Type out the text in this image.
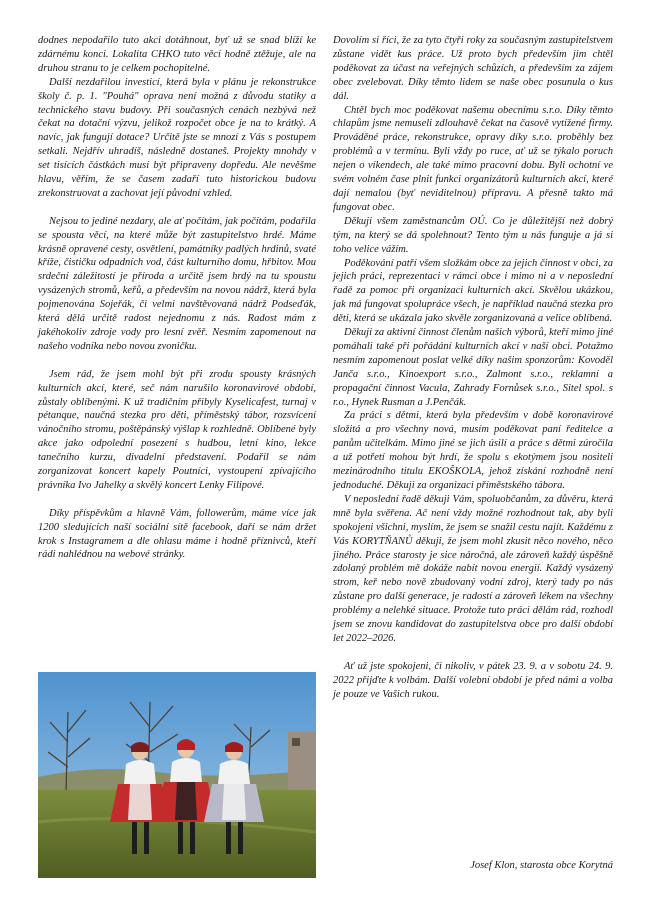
dodnes nepodařilo tuto akci dotáhnout, byť už se snad blíží ke zdárnému konci. Lokalita CHKO tuto věcí hodně ztěžuje, ale na druhou stranu to je celkem pochopitelné.

Další nezdařilou investicí, která byla v plánu je rekonstrukce školy č. p. 1. "Pouhá" oprava není možná z důvodu statiky a technického stavu budovy. Při současných cenách nezbývá než čekat na dotační výzvu, jelikož rozpočet obce je na to krátký. A navíc, jak fungují dotace? Určitě jste se mnozí z Vás s postupem setkali. Nejdřív uhradíš, následně dostaneš. Projekty mnohdy v set tisících částkách musí být připraveny dopředu. Ale nevěšme hlavu, věřím, že se časem zadaří tuto historickou budovu zrekonstruovat a zachovat její původní vzhled.

Nejsou to jediné nezdary, ale ať počítám, jak počítám, podařila se spousta věcí, na které může být zastupitelstvo hrdé. Máme krásně opravené cesty, osvětlení, památníky padlých hrdinů, svaté kříže, čističku odpadních vod, část kulturního domu, hřbitov. Mou srdeční záležitostí je příroda a určitě jsem hrdý na tu spoustu vysázených stromů, keřů, a především na novou nádrž, která byla pojmenována Sojeřák, či velmi navštěvovaná nádrž Podseďák, která dělá určitě radost nejednomu z nás. Radost mám z jakéhokoliv zdroje vody pro lesní zvěř. Nesmím zapomenout na našeho vodníka nebo novou zvoničku.

Jsem rád, že jsem mohl být při zrodu spousty krásných kulturních akcí, které, seč nám narušilo koronavirové období, zůstaly oblíbenými. K už tradičním přibyly Kyselicafest, turnaj v pétanque, naučná stezka pro děti, příměstský tábor, rozsvícení vánočního stromu, poštěpánský výšlap k rozhledně. Oblíbené byly akce jako odpolední posezení s hudbou, letní kino, lekce tanečního kurzu, divadelní představení. Podařil se nám zorganizovat koncert kapely Poutníci, vystoupení zpívajícího právníka Ivo Jahelky a skvělý koncert Lenky Filipové.

Díky příspěvkům a hlavně Vám, followerům, máme více jak 1200 sledujících naší sociální sítě facebook, daří se nám držet krok s Instagramem a dle ohlasu máme i hodně příznivců, kteří rádi nahlédnou na webové stránky.

Dovolím si říci, že za tyto čtyři roky za současným zastupitelstvem zůstane vidět kus práce. Už proto bych především jim chtěl poděkovat za účast na veřejných schůzích, a především za zájem obec zvelebovat. Díky těmto lidem se naše obec posunula o kus dál.

Chtěl bych moc poděkovat našemu obecnímu s.r.o. Díky těmto chlapům jsme nemuseli zdlouhavě čekat na časově vytížené firmy. Prováděné práce, rekonstrukce, opravy díky s.r.o. proběhly bez problémů a v termínu. Byli vždy po ruce, ať už se týkalo poruch nejen o víkendech, ale také mimo pracovní dobu. Byli ochotní ve svém volném čase plnit funkci organizátorů kulturních akcí, které dají nemalou (byť neviditelnou) přípravu. A přesně takto má fungovat obec.

Děkuji všem zaměstnancům OÚ. Co je důležitější než dobrý tým, na který se dá spolehnout? Tento tým u nás funguje a já si toho velice vážím.

Poděkování patří všem složkám obce za jejich činnost v obci, za jejich práci, reprezentaci v rámci obce i mimo ni a v neposlední řadě za pomoc při organizaci kulturních akcí. Skvělou ukázkou, jak má fungovat spolupráce všech, je například naučná stezka pro děti, která se ukázala jako skvěle zorganizovaná a velice oblíbená.

Děkuji za aktivní činnost členům našich výborů, kteří mimo jiné pomáhali také při pořádání kulturních akcí v naší obci. Potažmo nesmím zapomenout poslat velké díky našim sponzorům: Kovoděl Janča s.r.o., Kinoexport s.r.o., Zalmont s.r.o., reklamní a propagační činnost Vacula, Zahrady Fornůsek s.r.o., Sitel spol. s r.o., Hynek Rusman a J.Penčák.

Za práci s dětmi, která byla především v době koronavirové složitá a pro všechny nová, musím poděkovat paní ředitelce a panům učitelkám. Mimo jiné se jich úsilí a práce s dětmi zúročila a už potřetí mohou být hrdí, že spolu s ekotýmem jsou nositeli mezinárodního titulu EKOŠKOLA, jehož získání rozhodně není jednoduché. Děkuji za organizaci příměstského tábora.

V neposlední řadě děkuji Vám, spoluobčanům, za důvěru, která mně byla svěřena. Ač není vždy možné rozhodnout tak, aby byli spokojeni všichni, myslím, že jsem se snažil cestu najít. Každému z Vás KORYTŇANŮ děkuji, že jsem mohl zkusit něco nového, něco jiného. Práce starosty je sice náročná, ale zároveň každý úspěšně zdolaný problém mě dokáže nabít novou energií. Každý vysázený strom, keř nebo nově zbudovaný vodní zdroj, který tady po nás zůstane pro další generace, je radostí a zároveň lékem na všechny problémy a nelehké situace. Protože tuto práci dělám rád, rozhodl jsem se znovu kandidovat do zastupitelstva obce pro další období let 2022–2026.

Ať už jste spokojeni, či nikoliv, v pátek 23. 9. a v sobotu 24. 9. 2022 přijďte k volbám. Další volební období je před námi a volba je pouze ve Vašich rukou.

Josef Klon, starosta obce Korytná
